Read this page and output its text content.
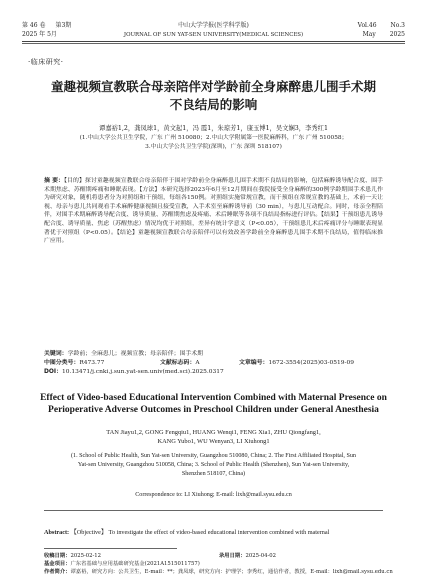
第 46 卷 第3期	中山大学学报(医学科学版)	Vol.46 No.3
2025 年 5月	JOURNAL OF SUN YAT-SEN UNIVERSITY(MEDICAL SCIENCES)	May 2025
·临床研究·
童趣视频宣教联合母亲陪伴对学龄前全身麻醉患儿围手术期
不良结局的影响
谭嘉裕1,2，龚凤球1，黄文起1，冯 霞1，朱琼芳1，康玉博1，吴文娴3，李秀红1
(1.中山大学公共卫生学院，广东 广州 510080；2.中山大学附属第一医院麻醉科，广东 广州 510058；
3.中山大学公共卫生学院(深圳)，广东 深圳 518107)
摘 要：【目的】探讨童趣视频宣教联合母亲陪伴于围对学龄前全身麻醉患儿围手术期不良结局的影响，包括麻醉诱导配合度、围手术期焦虑、苏醒期疼痛和睡眠表现。【方法】本研究选择2023年6月至12月期间在我院接受全身麻醉的300例学龄期围手术患儿作为研究对象，随机将患者分为对照组和干预组，每组各150例。对照组实施常规宣教，而干预组在常规宣教的基础上，术前一天让视、母亲与患儿共同观看手术麻醉健康视频且接受宣教，入手术室至麻醉诱导前（30 min），与患儿互动配合。同时，母亲全程陪伴，对围手术期麻醉诱导配合度、诱导质量、苏醒期焦虑及疼痛、术后睡眠等各项不良结局指标进行评估。【结果】干预组患儿诱导配合度、诱导质量、焦虑（苏醒焦虑）情况均优于对照组，差异有统计学意义（P<0.05），干预组患儿术后疼痛评分与睡眠表现显著优于对照组（P<0.05）。【结论】童趣视频宣教联合母亲陪伴可以有效改善学龄前全身麻醉患儿围手术期不良结局，值得临床推广应用。
关键词：学龄前；全麻患儿；视频宣教；母亲陪伴；围手术期
中图分类号：R473.77	文献标志码：A	文章编号：1672-3554(2025)03-0519-09
DOI：10.13471/j.cnki.j.sun.yat-sen.univ(med.sci).2025.0317
Effect of Video-based Educational Intervention Combined with Maternal Presence on
Perioperative Adverse Outcomes in Preschool Children under General Anesthesia
TAN Jiayu1,2, GONG Fengqiu1, HUANG Wenqi1, FENG Xia1, ZHU Qiongfang1,
KANG Yubo1, WU Wenyan3, LI Xiuhong1
(1. School of Public Health, Sun Yat-sen University, Guangzhou 510080, China; 2. The First Affiliated Hospital, Sun
Yat-sen University, Guangzhou 510058, China; 3. School of Public Health (Shenzhen), Sun Yat-sen University,
Shenzhen 518107, China)
Correspondence to: LI Xiuhong; E-mail: lixh@mail.sysu.edu.cn
Abstract: 【Objective】 To investigate the effect of video-based educational intervention combined with maternal
收稿日期：2025-02-12	录用日期：2025-04-02
基金项目：广东省基础与应用基础研究基金(2021A1515011757)
作者简介：谭嘉裕，研究方向：公共卫生，E-mail：**；龚凤球，研究方向：护理学；李秀红，通信作者，教授，E-mail：lixh@mail.sysu.edu.cn
